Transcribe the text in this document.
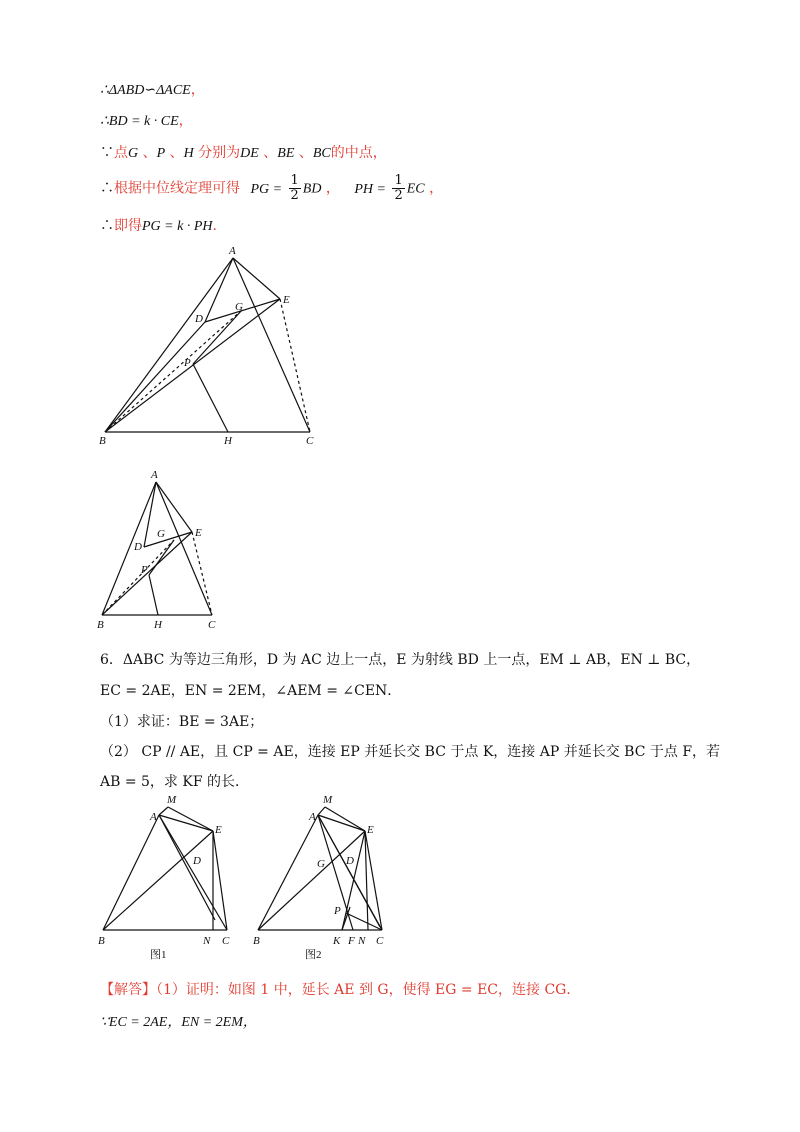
∴ΔABD∽ΔACE，
∴BD = k · CE，
∵点G 、P 、H 分别为DE 、BE 、BC的中点，
∴根据中位线定理可得 PG = $\frac{1}{2}$ BD ， PH = $\frac{1}{2}$ EC ，
∴即得PG = k · PH.
A
E
G
D
P
B	H	C
A
E
G
D
P
B	H	C
6．ΔABC 为等边三角形，D 为 AC 边上一点，E 为射线 BD 上一点，EM ⊥ AB，EN ⊥ BC，
EC = 2AE，EN = 2EM，∠AEM = ∠CEN．
（1）求证：BE = 3AE；
（2） CP // AE，且 CP = AE，连接 EP 并延长交 BC 于点 K，连接 AP 并延长交 BC 于点 F，若
AB = 5，求 KF 的长．
M
A
E
D
B	N C
图1
M
A
E
G D
P
B	K F N C
图2
【解答】（1）证明：如图 1 中，延长 AE 到 G，使得 EG = EC，连接 CG．
∵EC = 2AE，EN = 2EM，
